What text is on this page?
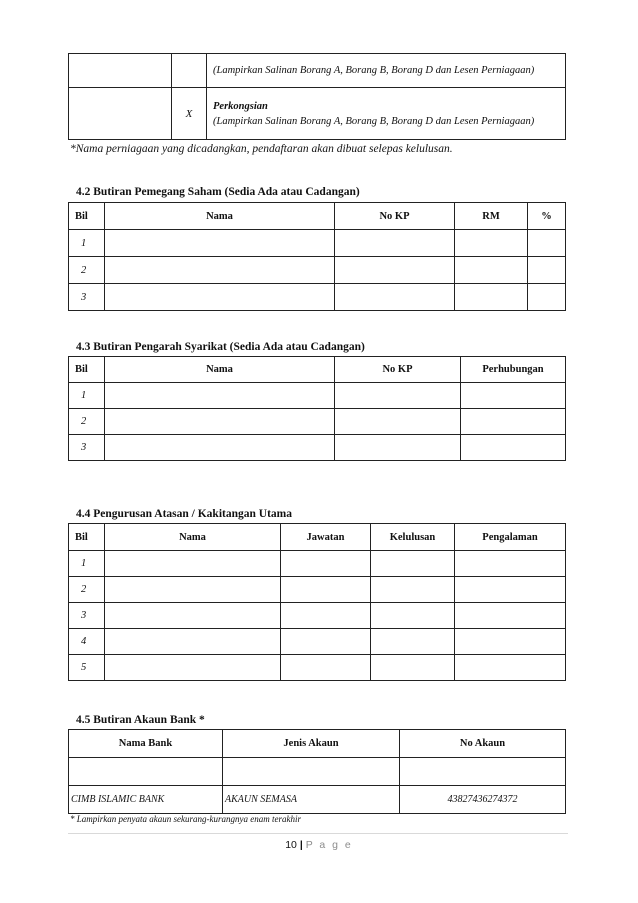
		(Lampirkan Salinan Borang A, Borang B, Borang D dan Lesen Perniagaan)
	X	Perkongsian
(Lampirkan Salinan Borang A, Borang B, Borang D dan Lesen Perniagaan)
*Nama perniagaan yang dicadangkan, pendaftaran akan dibuat selepas kelulusan.
4.2 Butiran Pemegang Saham (Sedia Ada atau Cadangan)
Bil	Nama	No KP	RM	%
1				
2				
3				
4.3 Butiran Pengarah Syarikat (Sedia Ada atau Cadangan)
Bil	Nama	No KP	Perhubungan
1			
2			
3			
4.4 Pengurusan Atasan / Kakitangan Utama
Bil	Nama	Jawatan	Kelulusan	Pengalaman
1				
2				
3				
4				
5				
4.5 Butiran Akaun Bank *
Nama Bank	Jenis Akaun	No Akaun

CIMB ISLAMIC BANK	AKAUN SEMASA	43827436274372
* Lampirkan penyata akaun sekurang-kurangnya enam terakhir
10 | P a g e
